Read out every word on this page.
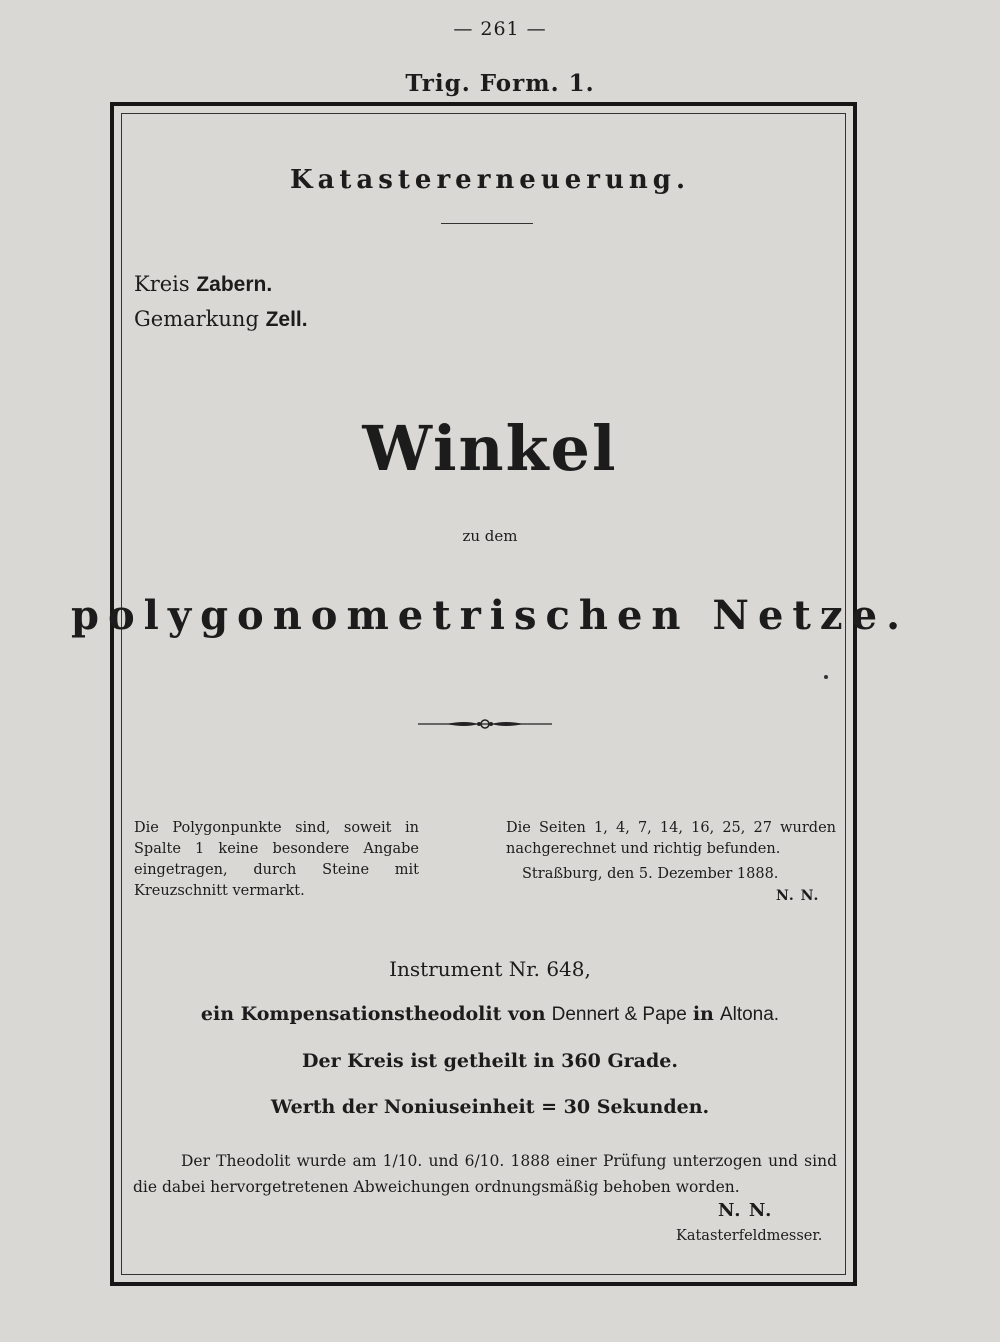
— 261 —
Trig. Form. 1.
Katastererneuerung.
Kreis Zabern.
Gemarkung Zell.
Winkel
zu dem
polygonometrischen Netze.
Die Polygonpunkte sind, soweit in Spalte 1 keine besondere Angabe eingetragen, durch Steine mit Kreuzschnitt vermarkt.
Die Seiten 1, 4, 7, 14, 16, 25, 27 wurden nachgerechnet und richtig befunden.
Straßburg, den 5. Dezember 1888.
N. N.
Instrument Nr. 648,
ein Kompensationstheodolit von Dennert & Pape in Altona.
Der Kreis ist getheilt in 360 Grade.
Werth der Noniuseinheit = 30 Sekunden.
Der Theodolit wurde am 1/10. und 6/10. 1888 einer Prüfung unterzogen und sind die dabei hervorgetretenen Abweichungen ordnungsmäßig behoben worden.
N. N.
Katasterfeldmesser.
